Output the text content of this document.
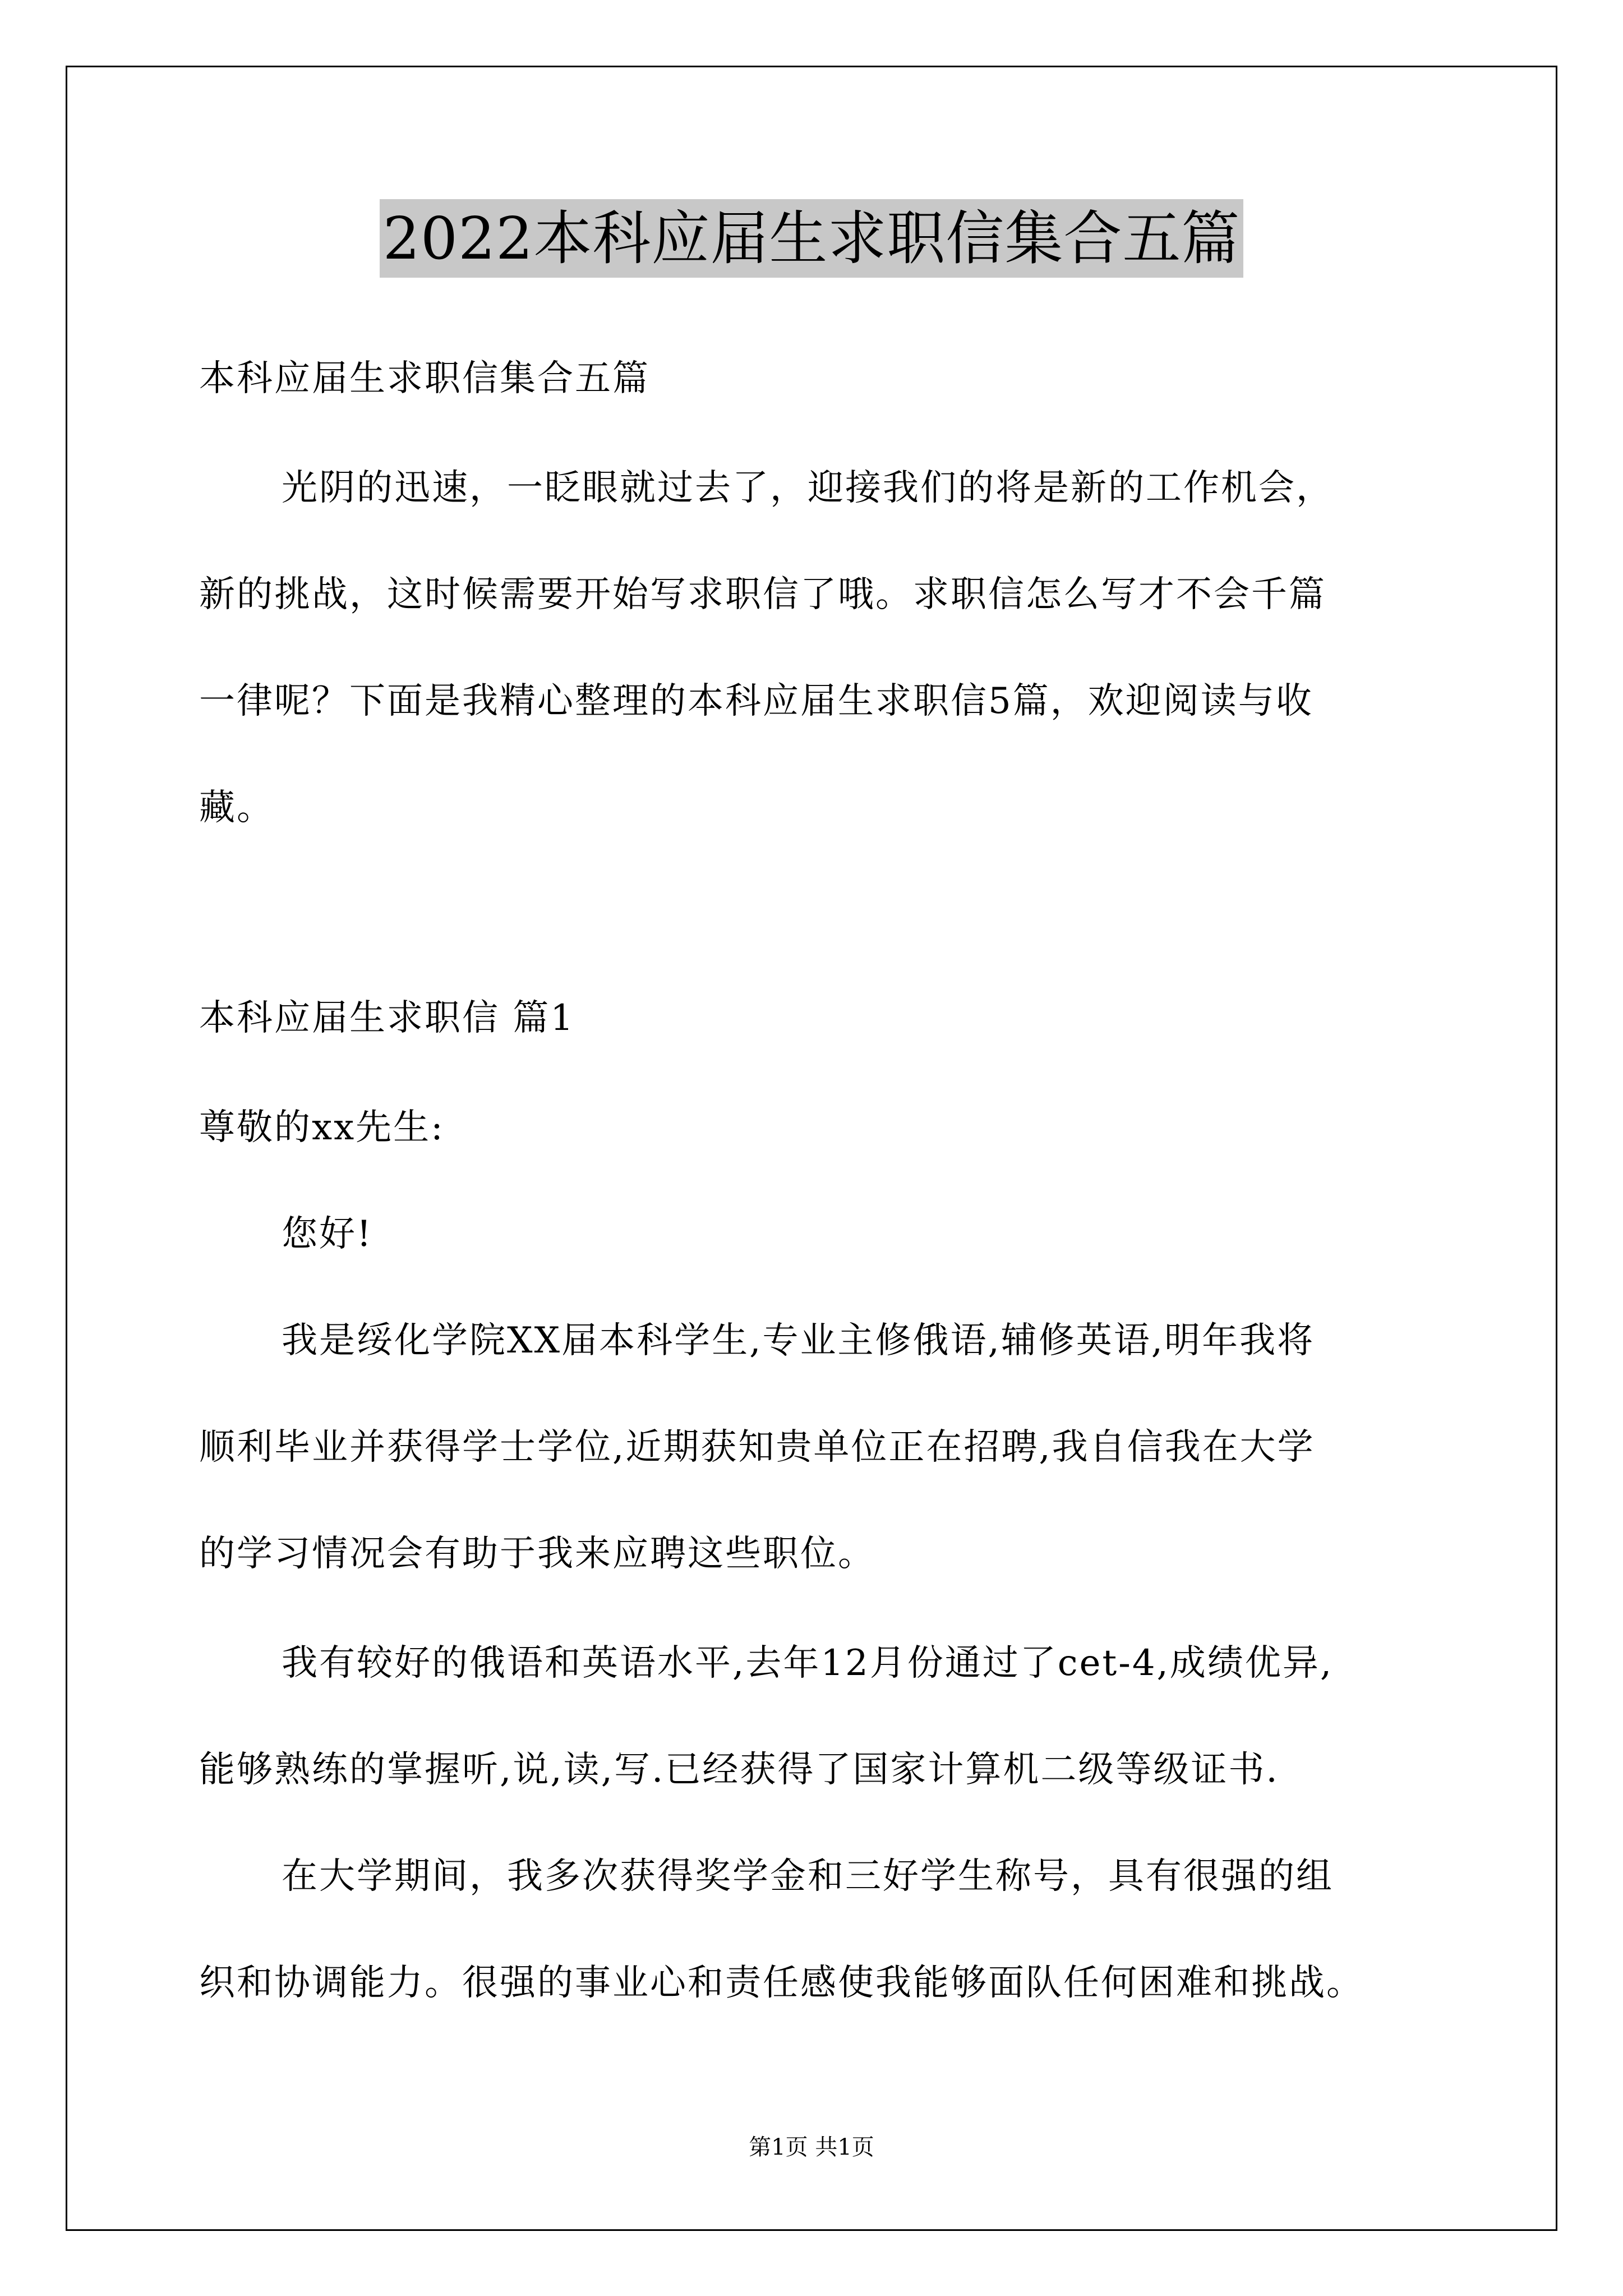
2022本科应届生求职信集合五篇
本科应届生求职信集合五篇
光阴的迅速，一眨眼就过去了，迎接我们的将是新的工作机会，
新的挑战，这时候需要开始写求职信了哦。求职信怎么写才不会千篇
一律呢？下面是我精心整理的本科应届生求职信5篇，欢迎阅读与收
藏。
本科应届生求职信 篇1
尊敬的xx先生:
您好!
我是绥化学院XX届本科学生,专业主修俄语,辅修英语,明年我将
顺利毕业并获得学士学位,近期获知贵单位正在招聘,我自信我在大学
的学习情况会有助于我来应聘这些职位。
我有较好的俄语和英语水平,去年12月份通过了cet-4,成绩优异,
能够熟练的掌握听,说,读,写.已经获得了国家计算机二级等级证书.
在大学期间，我多次获得奖学金和三好学生称号，具有很强的组
织和协调能力。很强的事业心和责任感使我能够面队任何困难和挑战。
第1页 共1页
